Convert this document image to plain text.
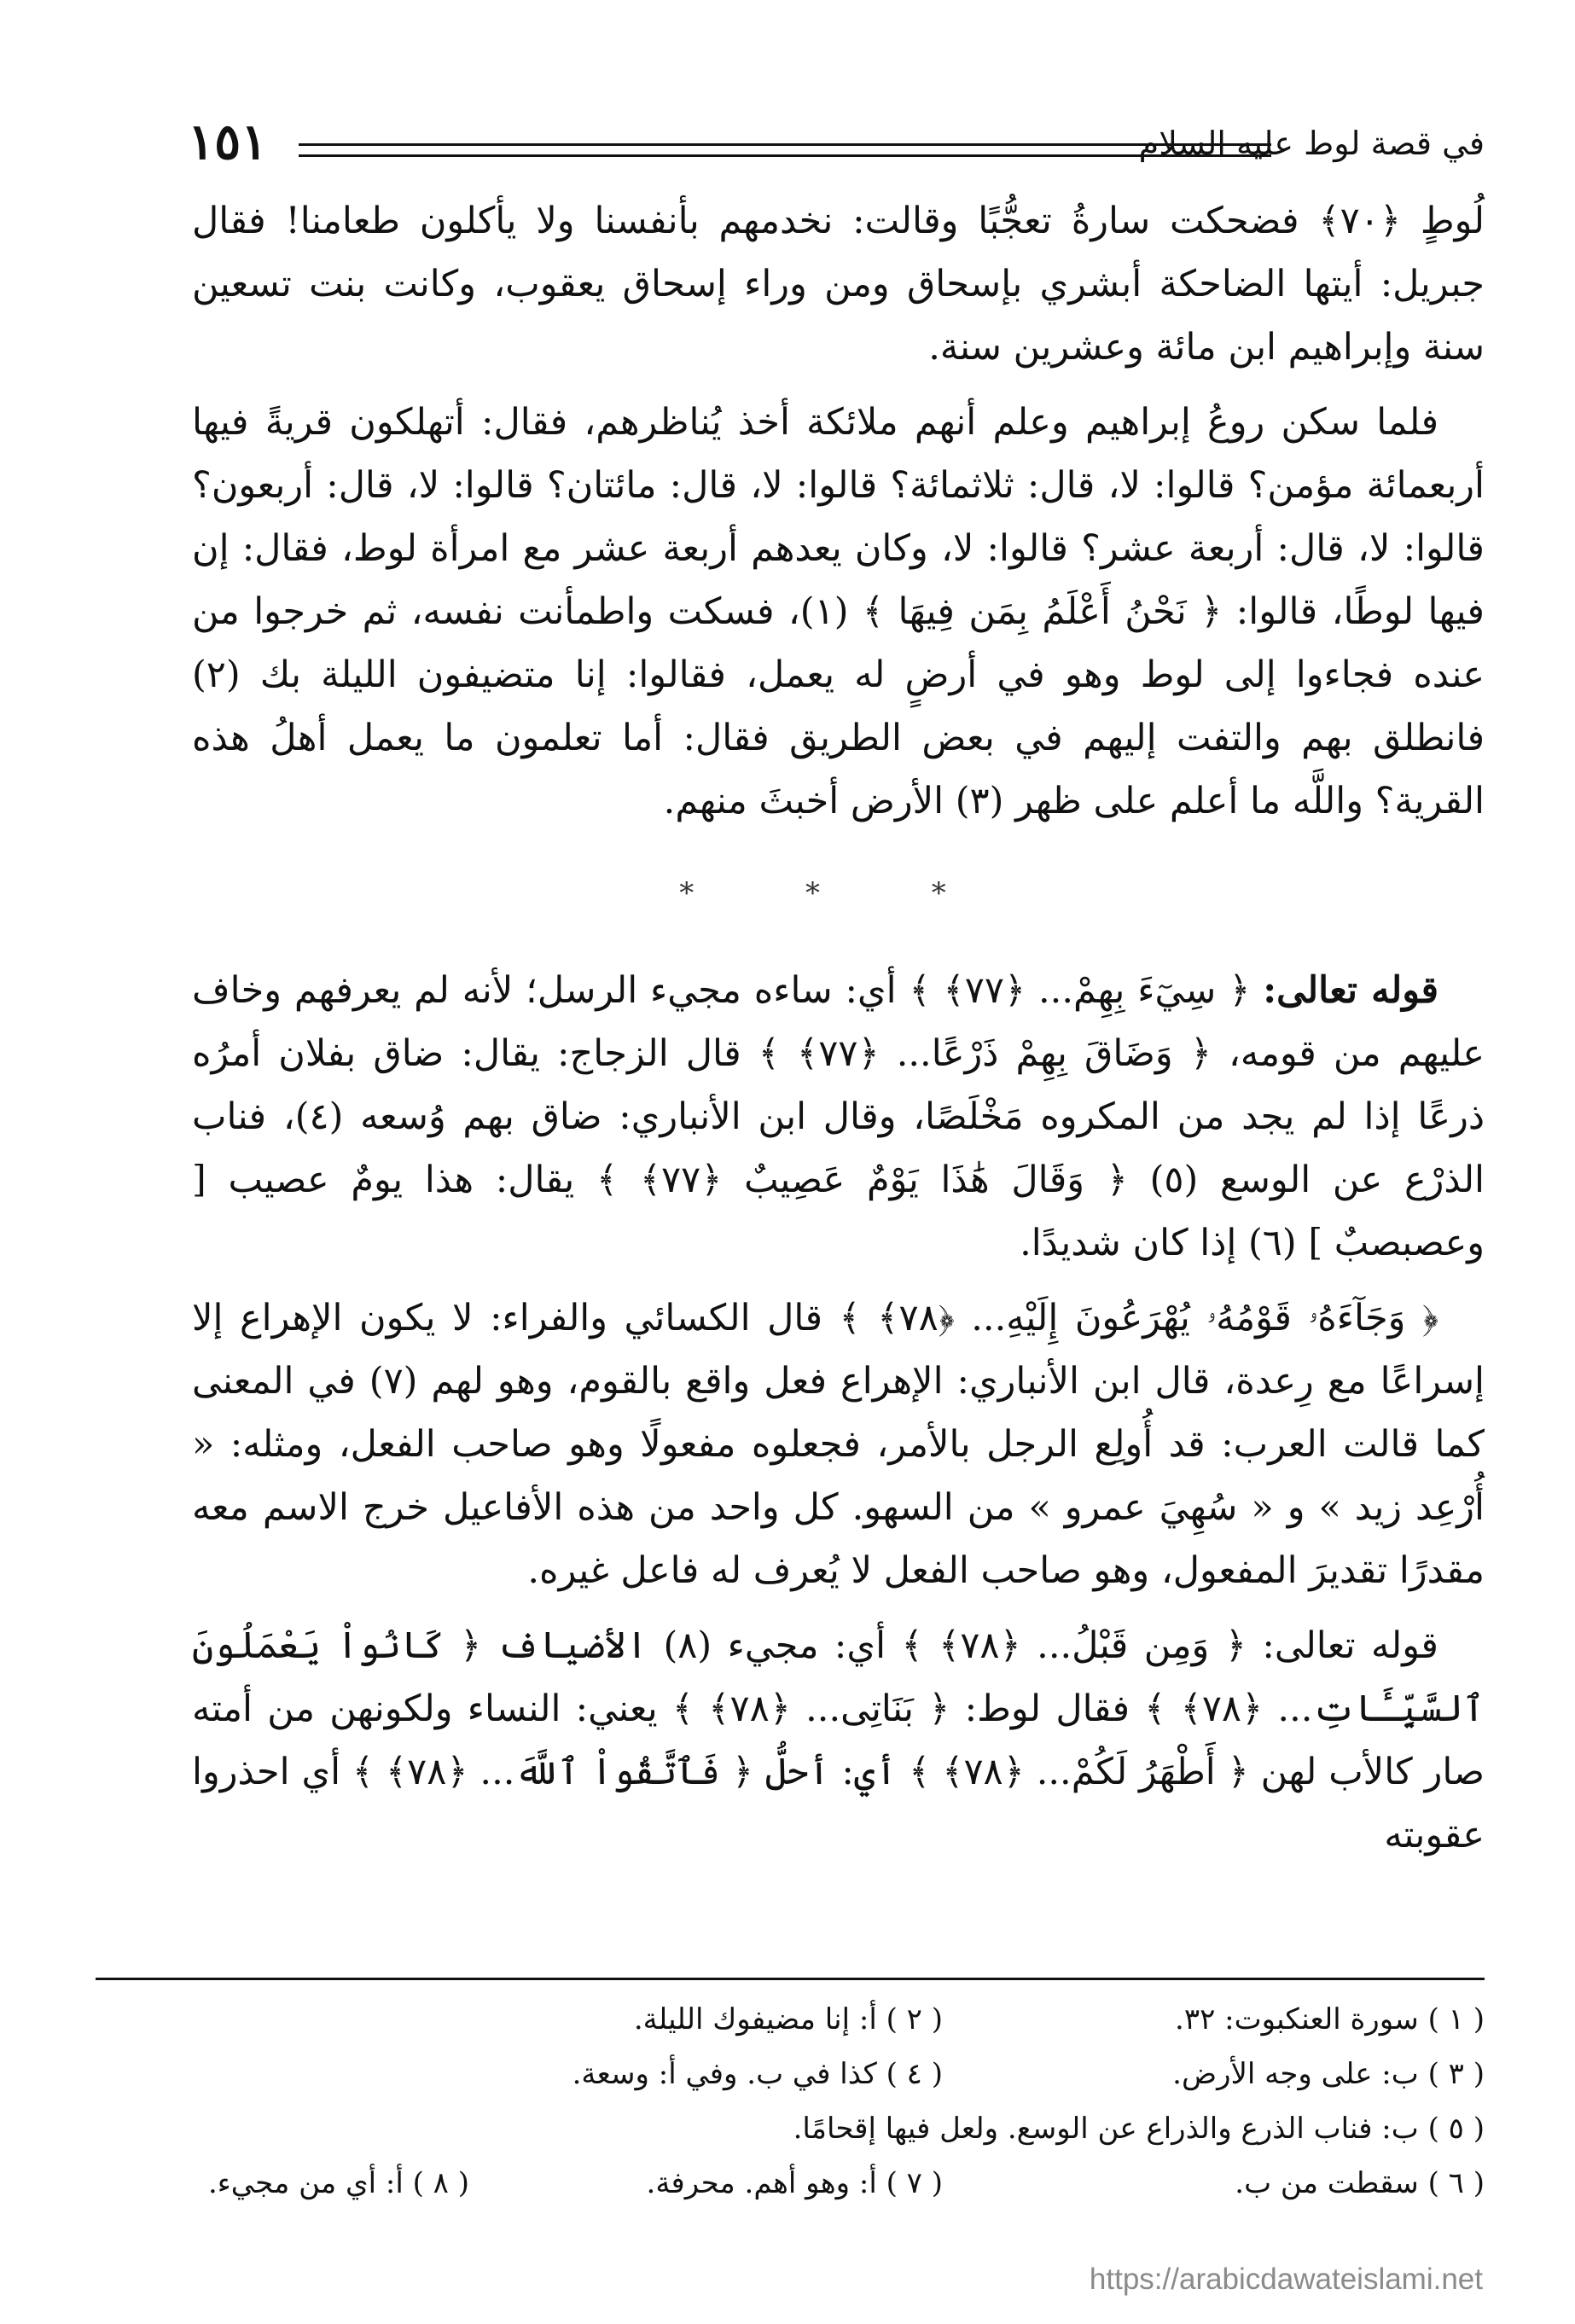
في قصة لوط عليه السلام
١٥١

لُوطٍ ﴿٧٠﴾ فضحكت سارةُ تعجُّبًا وقالت: نخدمهم بأنفسنا ولا يأكلون طعامنا! فقال جبريل: أيتها الضاحكة أبشري بإسحاق ومن وراء إسحاق يعقوب، وكانت بنت تسعين سنة وإبراهيم ابن مائة وعشرين سنة.

فلما سكن روعُ إبراهيم وعلم أنهم ملائكة أخذ يُناظرهم، فقال: أتهلكون قريةً فيها أربعمائة مؤمن؟ قالوا: لا، قال: ثلاثمائة؟ قالوا: لا، قال: مائتان؟ قالوا: لا، قال: أربعون؟ قالوا: لا، قال: أربعة عشر؟ قالوا: لا، وكان يعدهم أربعة عشر مع امرأة لوط، فقال: إن فيها لوطًا، قالوا: ﴿ نَحْنُ أَعْلَمُ بِمَن فِيهَا ﴾ (١)، فسكت واطمأنت نفسه، ثم خرجوا من عنده فجاءوا إلى لوط وهو في أرضٍ له يعمل، فقالوا: إنا متضيفون الليلة بك (٢) فانطلق بهم والتفت إليهم في بعض الطريق فقال: أما تعلمون ما يعمل أهلُ هذه القرية؟ واللَّه ما أعلم على ظهر (٣) الأرض أخبثَ منهم.

* * *

قوله تعالى: ﴿ سِيٓءَ بِهِمْ... ﴿٧٧﴾ ﴾ أي: ساءه مجيء الرسل؛ لأنه لم يعرفهم وخاف عليهم من قومه، ﴿ وَضَاقَ بِهِمْ ذَرْعًا... ﴿٧٧﴾ ﴾ قال الزجاج: يقال: ضاق بفلان أمرُه ذرعًا إذا لم يجد من المكروه مَخْلَصًا، وقال ابن الأنباري: ضاق بهم وُسعه (٤)، فناب الذرْع عن الوسع (٥) ﴿ وَقَالَ هَٰذَا يَوْمٌ عَصِيبٌ ﴿٧٧﴾ ﴾ يقال: هذا يومٌ عصيب [ وعصبصبٌ ] (٦) إذا كان شديدًا.

﴿ وَجَآءَهُۥ قَوْمُهُۥ يُهْرَعُونَ إِلَيْهِ... ﴿٧٨﴾ ﴾ قال الكسائي والفراء: لا يكون الإهراع إلا إسراعًا مع رِعدة، قال ابن الأنباري: الإهراع فعل واقع بالقوم، وهو لهم (٧) في المعنى كما قالت العرب: قد أُولِع الرجل بالأمر، فجعلوه مفعولًا وهو صاحب الفعل، ومثله: « أُرْعِد زيد » و « سُهِيَ عمرو » من السهو. كل واحد من هذه الأفاعيل خرج الاسم معه مقدرًا تقديرَ المفعول، وهو صاحب الفعل لا يُعرف له فاعل غيره.

قوله تعالى: ﴿ وَمِن قَبْلُ... ﴿٧٨﴾ ﴾ أي: مجيء (٨) الأضياف ﴿ كَانُواْ يَعْمَلُونَ ٱلسَّيِّـَٔاتِ... ﴿٧٨﴾ ﴾ فقال لوط: ﴿ بَنَاتِى... ﴿٧٨﴾ ﴾ يعني: النساء ولكونهن من أمته صار كالأب لهن ﴿ أَطْهَرُ لَكُمْ... ﴿٧٨﴾ ﴾ أي: أحلُّ ﴿ فَٱتَّقُواْ ٱللَّهَ... ﴿٧٨﴾ ﴾ أي احذروا عقوبته

( ١ ) سورة العنكبوت: ٣٢.
( ٢ ) أ: إنا مضيفوك الليلة.
( ٣ ) ب: على وجه الأرض.
( ٤ ) كذا في ب. وفي أ: وسعة.
( ٥ ) ب: فناب الذرع والذراع عن الوسع. ولعل فيها إقحامًا.
( ٦ ) سقطت من ب.
( ٧ ) أ: وهو أهم. محرفة.
( ٨ ) أ: أي من مجيء.
https://arabicdawateislami.net
